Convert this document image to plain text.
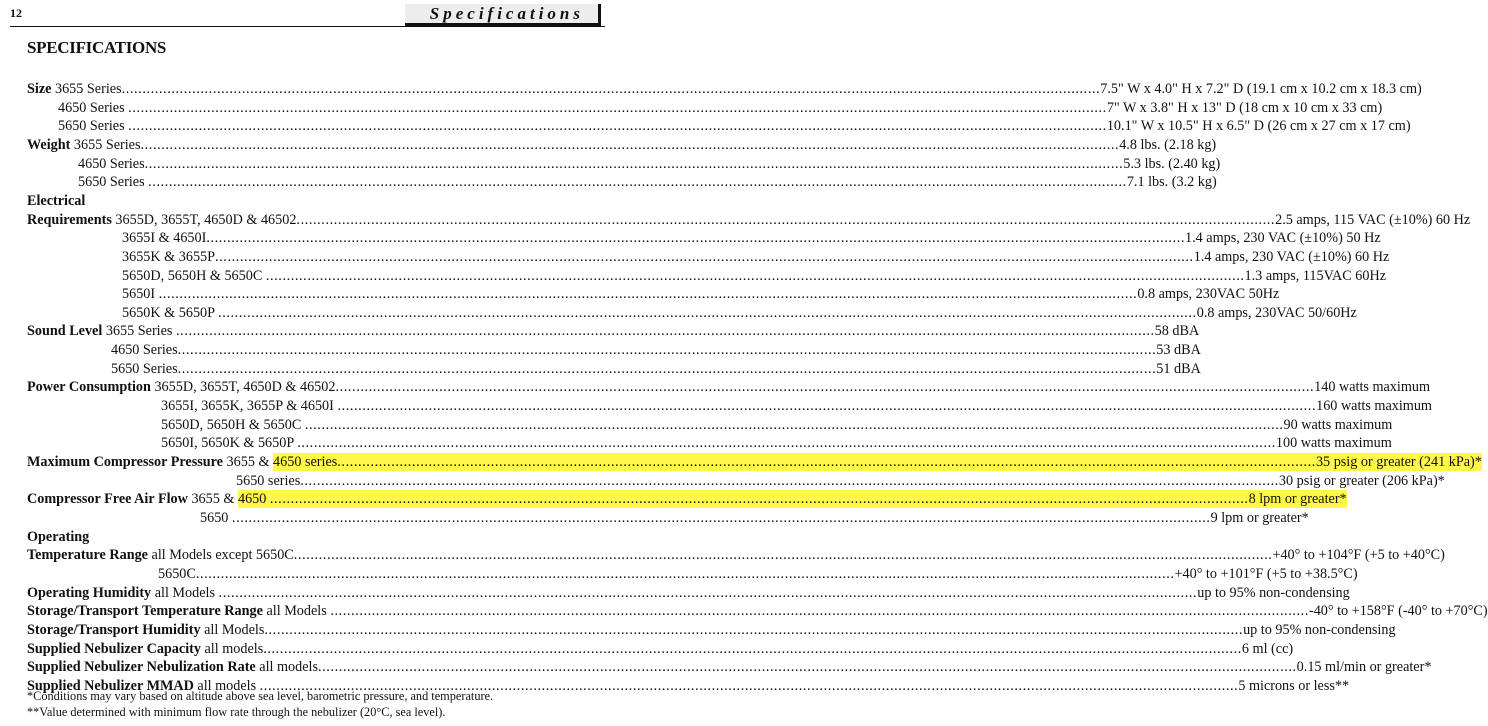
12	Specifications
SPECIFICATIONS
Size
3655 Series .....	7.5" W x 4.0" H x 7.2" D (19.1 cm x 10.2 cm x 18.3 cm)
4650 Series .....	7" W x 3.8" H x 13" D (18 cm x 10 cm x 33 cm)
5650 Series .....	10.1" W x 10.5" H x 6.5" D (26 cm x 27 cm x 17 cm)
Weight
3655 Series .....	4.8 lbs. (2.18 kg)
4650 Series .....	5.3 lbs. (2.40 kg)
5650 Series .....	7.1 lbs. (3.2 kg)
Electrical
Requirements
3655D, 3655T, 4650D & 46502 .....	2.5 amps, 115 VAC (±10%) 60 Hz
3655I & 4650I .....	1.4 amps, 230 VAC (±10%) 50 Hz
3655K & 3655P .....	1.4 amps, 230 VAC (±10%) 60 Hz
5650D, 5650H & 5650C .....	1.3 amps, 115VAC 60Hz
5650I .....	0.8 amps, 230VAC 50Hz
5650K & 5650P .....	0.8 amps, 230VAC 50/60Hz
Sound Level
3655 Series .....	58 dBA
4650 Series .....	53 dBA
5650 Series .....	51 dBA
Power Consumption
3655D, 3655T, 4650D & 46502 .....	140 watts maximum
3655I, 3655K, 3655P & 4650I .....	160 watts maximum
5650D, 5650H & 5650C .....	90 watts maximum
5650I, 5650K & 5650P .....	100 watts maximum
Maximum Compressor Pressure
3655 & 4650 series .....	35 psig or greater (241 kPa)*
5650 series .....	30 psig or greater (206 kPa)*
Compressor Free Air Flow
3655 & 4650 .....	8 lpm or greater*
5650 .....	9 lpm or greater*
Operating
Temperature Range
all Models except 5650C .....	+40° to +104°F (+5 to +40°C)
5650C .....	+40° to +101°F (+5 to +38.5°C)
Operating Humidity
all Models .....	up to 95% non-condensing
Storage/Transport Temperature Range
all Models .....	-40° to +158°F (-40° to +70°C)
Storage/Transport Humidity
all Models .....	up to 95% non-condensing
Supplied Nebulizer Capacity
all models .....	6 ml (cc)
Supplied Nebulizer Nebulization Rate
all models .....	0.15 ml/min or greater*
Supplied Nebulizer MMAD
all models .....	5 microns or less**
*Conditions may vary based on altitude above sea level, barometric pressure, and temperature.
**Value determined with minimum flow rate through the nebulizer (20°C, sea level).
